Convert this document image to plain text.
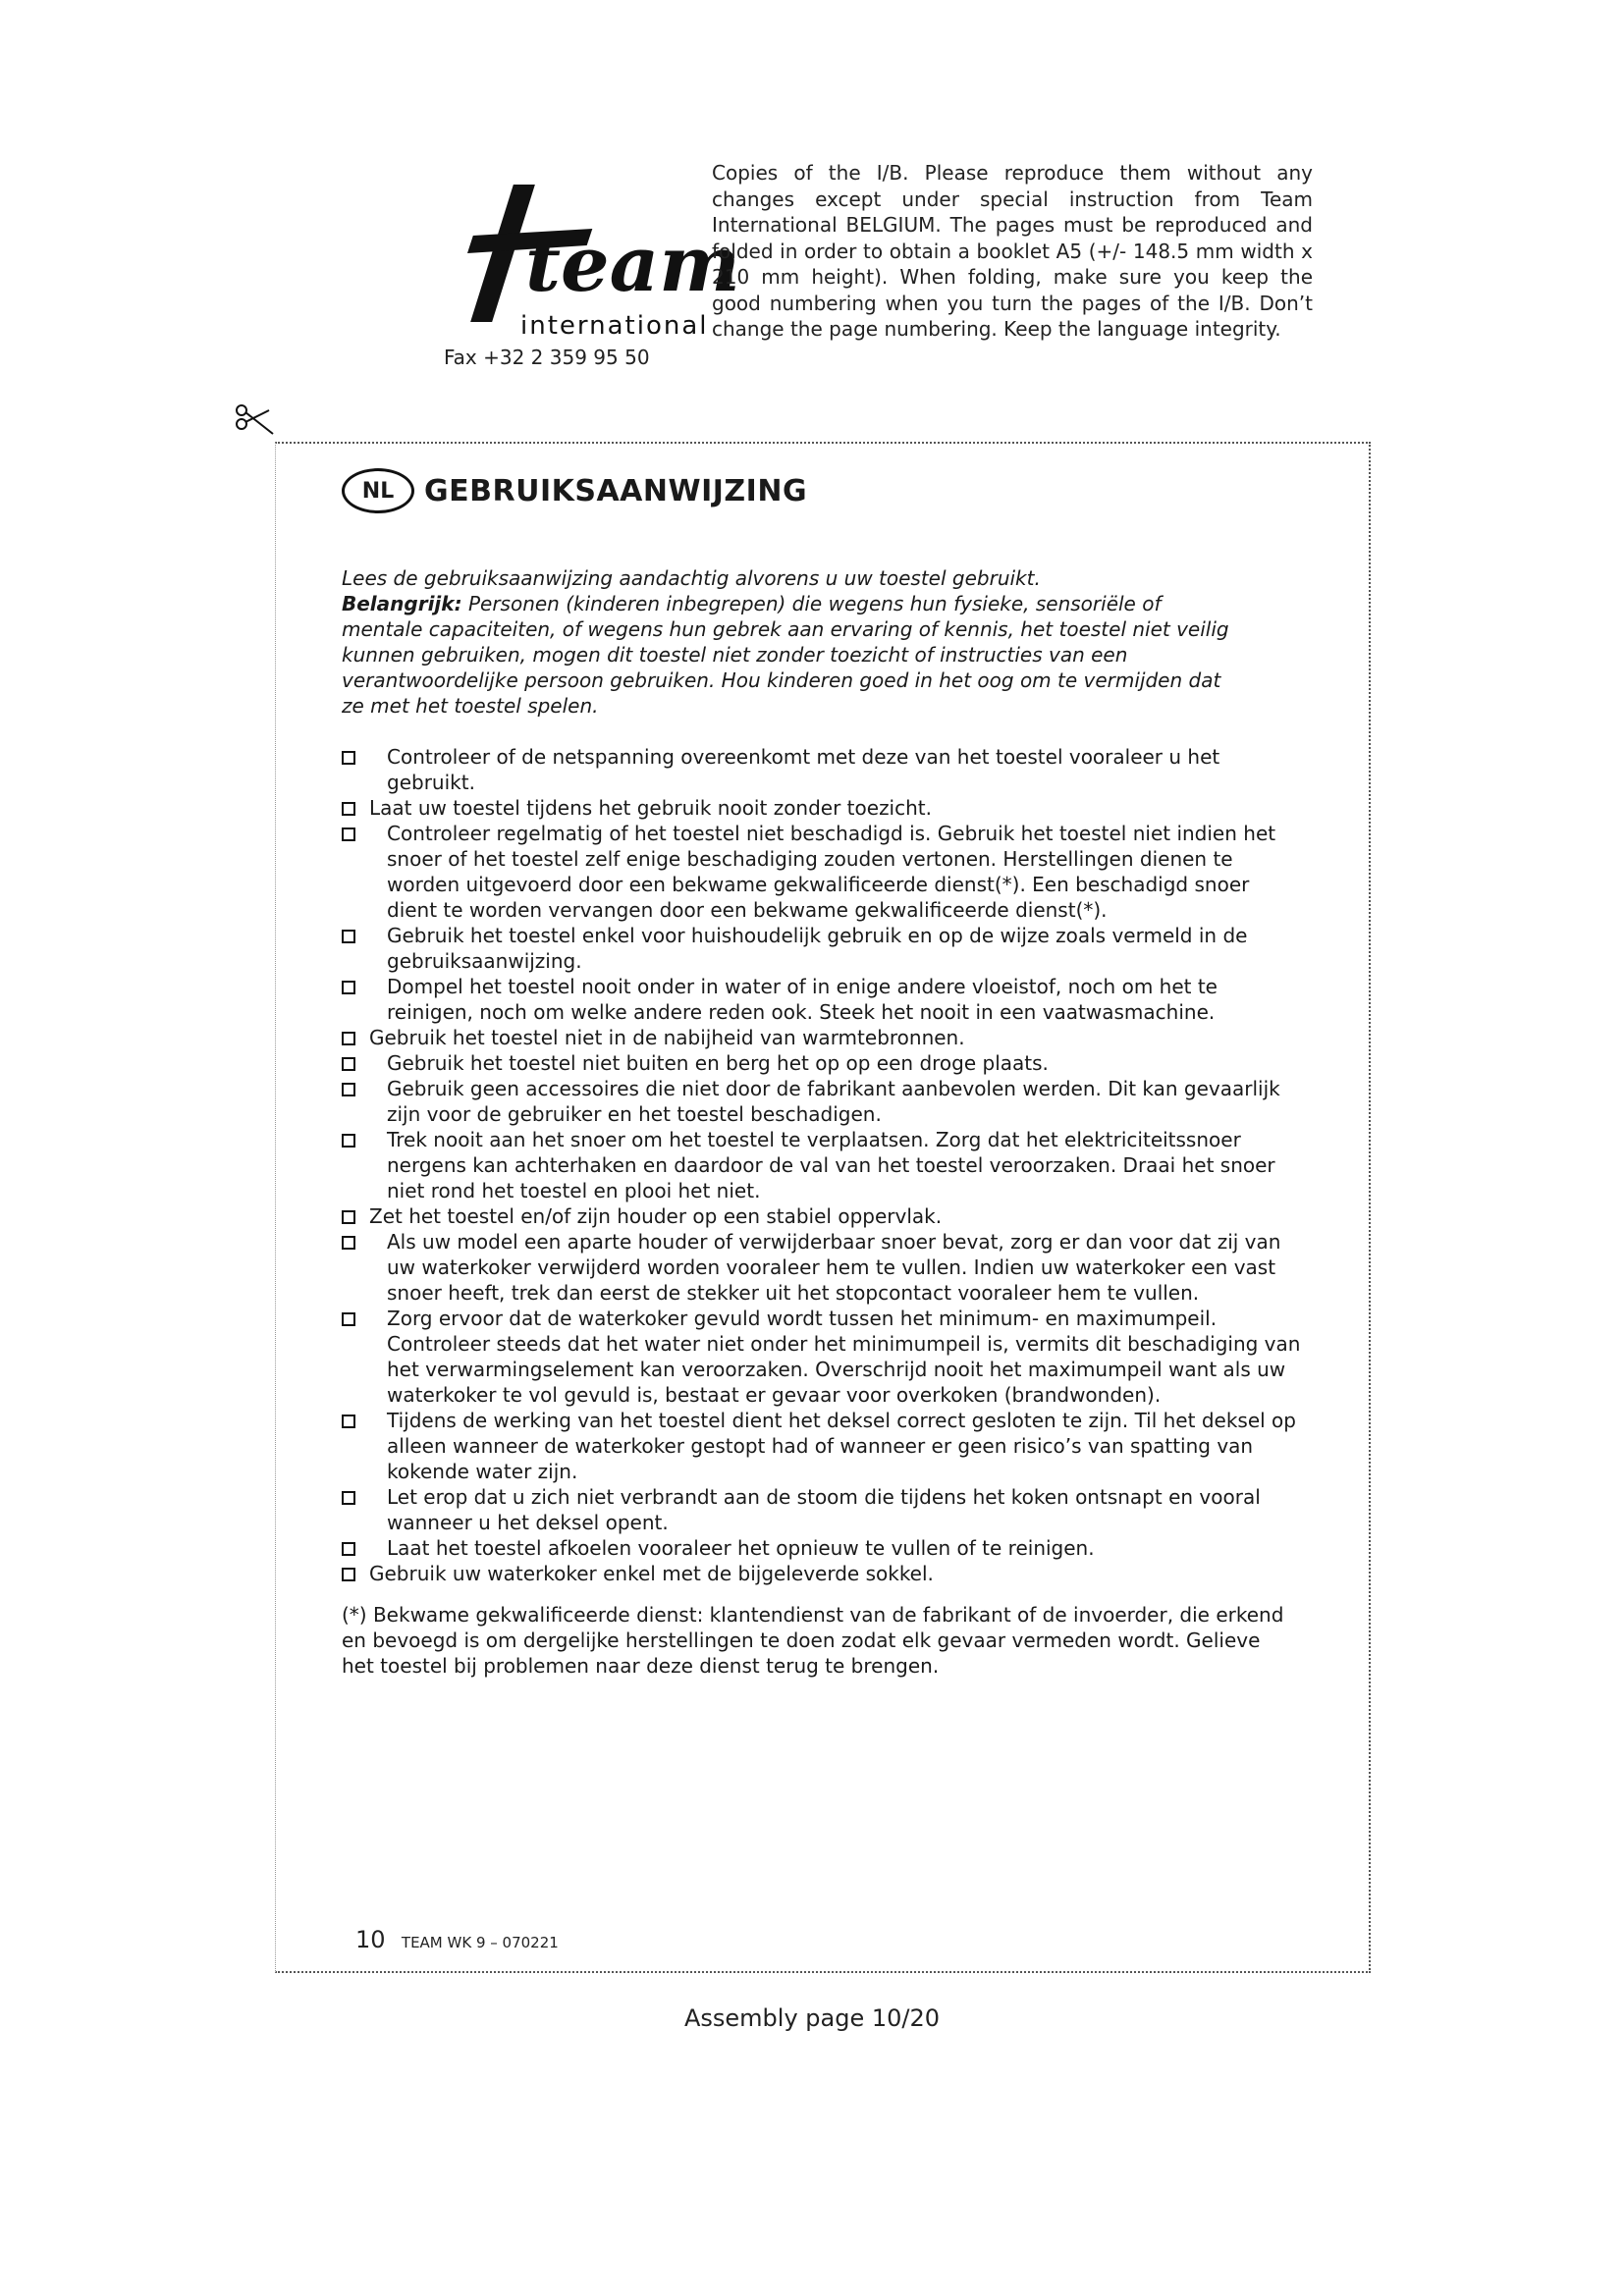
team
international
Fax +32 2 359 95 50
Copies of the I/B. Please reproduce them without any changes except under special instruction from Team International BELGIUM. The pages must be reproduced and folded in order to obtain a booklet A5 (+/- 148.5 mm width x 210 mm height). When folding, make sure you keep the good numbering when you turn the pages of the I/B. Don’t change the page numbering. Keep the language integrity.
NL	GEBRUIKSAANWIJZING

Lees de gebruiksaanwijzing aandachtig alvorens u uw toestel gebruikt.

Belangrijk: Personen (kinderen inbegrepen) die wegens hun fysieke, sensoriële of mentale capaciteiten, of wegens hun gebrek aan ervaring of kennis, het toestel niet veilig kunnen gebruiken, mogen dit toestel niet zonder toezicht of instructies van een verantwoordelijke persoon gebruiken. Hou kinderen goed in het oog om te vermijden dat ze met het toestel spelen.

Controleer of de netspanning overeenkomt met deze van het toestel vooraleer u het gebruikt.
Laat uw toestel tijdens het gebruik nooit zonder toezicht.
Controleer regelmatig of het toestel niet beschadigd is. Gebruik het toestel niet indien het snoer of het toestel zelf enige beschadiging zouden vertonen. Herstellingen dienen te worden uitgevoerd door een bekwame gekwalificeerde dienst(*). Een beschadigd snoer dient te worden vervangen door een bekwame gekwalificeerde dienst(*).
Gebruik het toestel enkel voor huishoudelijk gebruik en op de wijze zoals vermeld in de gebruiksaanwijzing.
Dompel het toestel nooit onder in water of in enige andere vloeistof, noch om het te reinigen, noch om welke andere reden ook. Steek het nooit in een vaatwasmachine.
Gebruik het toestel niet in de nabijheid van warmtebronnen.
Gebruik het toestel niet buiten en berg het op op een droge plaats.
Gebruik geen accessoires die niet door de fabrikant aanbevolen werden. Dit kan gevaarlijk zijn voor de gebruiker en het toestel beschadigen.
Trek nooit aan het snoer om het toestel te verplaatsen. Zorg dat het elektriciteitssnoer nergens kan achterhaken en daardoor de val van het toestel veroorzaken. Draai het snoer niet rond het toestel en plooi het niet.
Zet het toestel en/of zijn houder op een stabiel oppervlak.
Als uw model een aparte houder of verwijderbaar snoer bevat, zorg er dan voor dat zij van uw waterkoker verwijderd worden vooraleer hem te vullen. Indien uw waterkoker een vast snoer heeft, trek dan eerst de stekker uit het stopcontact vooraleer hem te vullen.
Zorg ervoor dat de waterkoker gevuld wordt tussen het minimum- en maximumpeil. Controleer steeds dat het water niet onder het minimumpeil is, vermits dit beschadiging van het verwarmingselement kan veroorzaken. Overschrijd nooit het maximumpeil want als uw waterkoker te vol gevuld is, bestaat er gevaar voor overkoken (brandwonden).
Tijdens de werking van het toestel dient het deksel correct gesloten te zijn. Til het deksel op alleen wanneer de waterkoker gestopt had of wanneer er geen risico’s van spatting van kokende water zijn.
Let erop dat u zich niet verbrandt aan de stoom die tijdens het koken ontsnapt en vooral wanneer u het deksel opent.
Laat het toestel afkoelen vooraleer het opnieuw te vullen of te reinigen.
Gebruik uw waterkoker enkel met de bijgeleverde sokkel.
(*) Bekwame gekwalificeerde dienst: klantendienst van de fabrikant of de invoerder, die erkend en bevoegd is om dergelijke herstellingen te doen zodat elk gevaar vermeden wordt. Gelieve het toestel bij problemen naar deze dienst terug te brengen.
10 TEAM WK 9 – 070221
Assembly page 10/20
